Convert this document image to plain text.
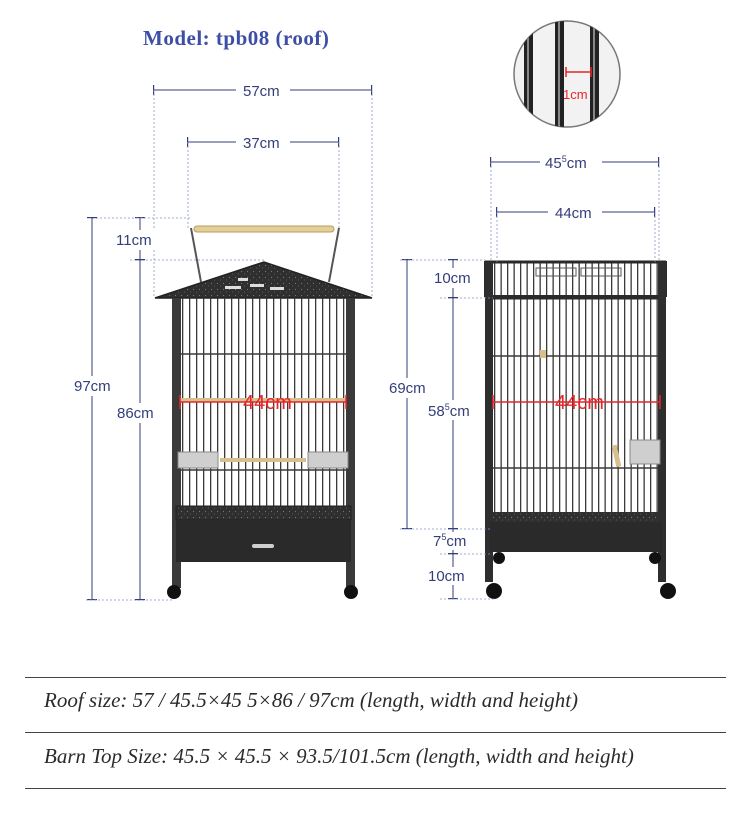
Model: tpb08 (roof)
1cm
57cm
37cm
11cm
97cm
86cm	44cm
$45^5cm$
44cm
69cm
10cm
$58^5cm$
$7^5cm$
10cm
44cm
Roof size: 57 / 45.5×45 5×86 / 97cm (length, width and height)
Barn Top Size: 45.5 × 45.5 × 93.5/101.5cm (length, width and height)
